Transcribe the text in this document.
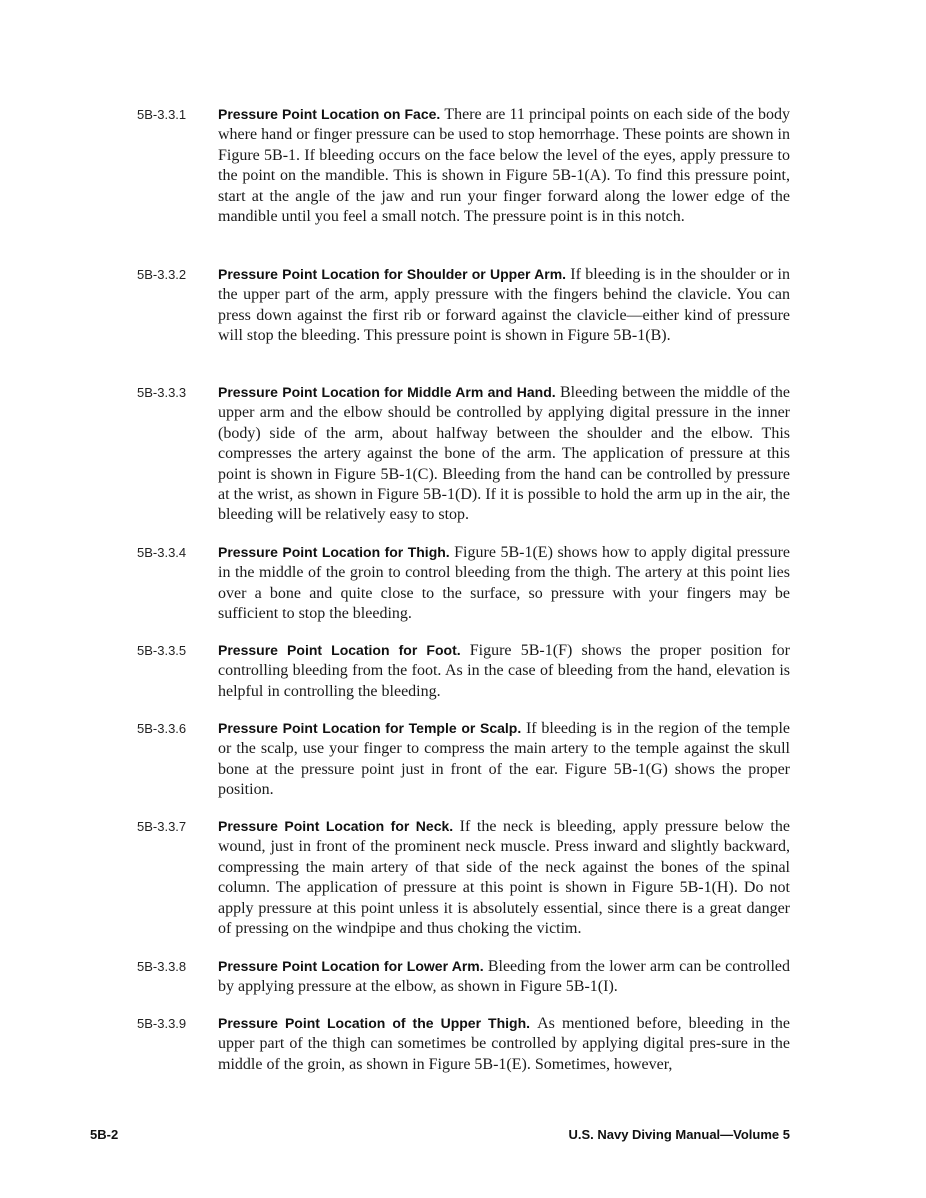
5B-3.3.1 Pressure Point Location on Face. There are 11 principal points on each side of the body where hand or finger pressure can be used to stop hemorrhage. These points are shown in Figure 5B-1. If bleeding occurs on the face below the level of the eyes, apply pressure to the point on the mandible. This is shown in Figure 5B-1(A). To find this pressure point, start at the angle of the jaw and run your finger forward along the lower edge of the mandible until you feel a small notch. The pressure point is in this notch.
5B-3.3.2 Pressure Point Location for Shoulder or Upper Arm. If bleeding is in the shoulder or in the upper part of the arm, apply pressure with the fingers behind the clavicle. You can press down against the first rib or forward against the clavicle—either kind of pressure will stop the bleeding. This pressure point is shown in Figure 5B-1(B).
5B-3.3.3 Pressure Point Location for Middle Arm and Hand. Bleeding between the middle of the upper arm and the elbow should be controlled by applying digital pressure in the inner (body) side of the arm, about halfway between the shoulder and the elbow. This compresses the artery against the bone of the arm. The application of pressure at this point is shown in Figure 5B-1(C). Bleeding from the hand can be controlled by pressure at the wrist, as shown in Figure 5B-1(D). If it is possible to hold the arm up in the air, the bleeding will be relatively easy to stop.
5B-3.3.4 Pressure Point Location for Thigh. Figure 5B-1(E) shows how to apply digital pressure in the middle of the groin to control bleeding from the thigh. The artery at this point lies over a bone and quite close to the surface, so pressure with your fingers may be sufficient to stop the bleeding.
5B-3.3.5 Pressure Point Location for Foot. Figure 5B-1(F) shows the proper position for controlling bleeding from the foot. As in the case of bleeding from the hand, elevation is helpful in controlling the bleeding.
5B-3.3.6 Pressure Point Location for Temple or Scalp. If bleeding is in the region of the temple or the scalp, use your finger to compress the main artery to the temple against the skull bone at the pressure point just in front of the ear. Figure 5B-1(G) shows the proper position.
5B-3.3.7 Pressure Point Location for Neck. If the neck is bleeding, apply pressure below the wound, just in front of the prominent neck muscle. Press inward and slightly backward, compressing the main artery of that side of the neck against the bones of the spinal column. The application of pressure at this point is shown in Figure 5B-1(H). Do not apply pressure at this point unless it is absolutely essential, since there is a great danger of pressing on the windpipe and thus choking the victim.
5B-3.3.8 Pressure Point Location for Lower Arm. Bleeding from the lower arm can be controlled by applying pressure at the elbow, as shown in Figure 5B-1(I).
5B-3.3.9 Pressure Point Location of the Upper Thigh. As mentioned before, bleeding in the upper part of the thigh can sometimes be controlled by applying digital pres-sure in the middle of the groin, as shown in Figure 5B-1(E). Sometimes, however,
5B-2	U.S. Navy Diving Manual—Volume 5
